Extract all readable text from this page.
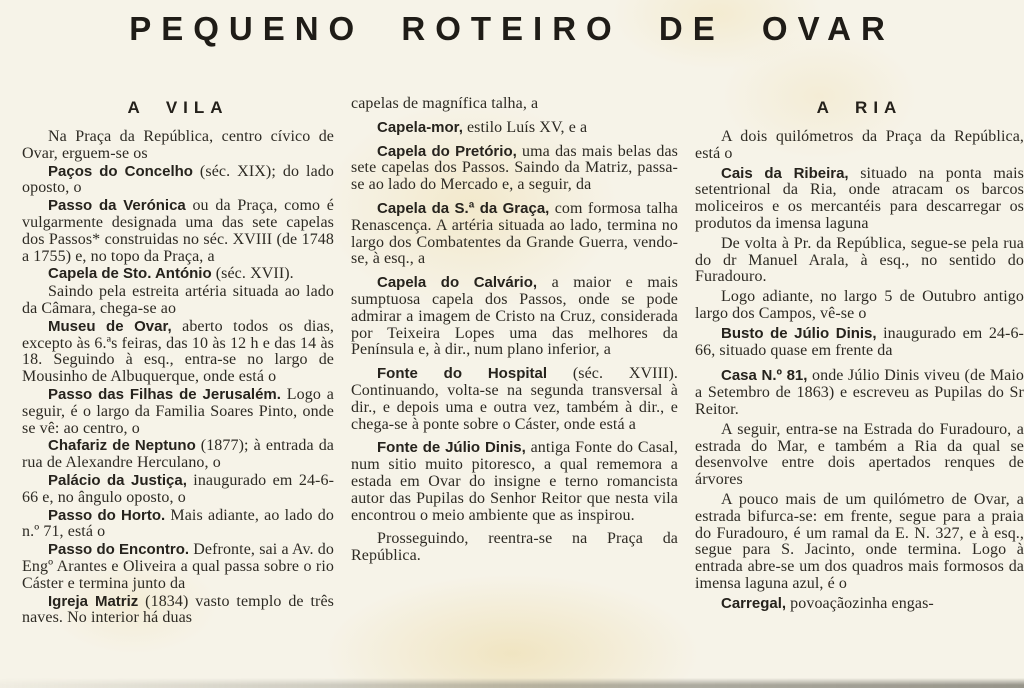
PEQUENO ROTEIRO DE OVAR
A VILA

Na Praça da República, centro cívico de Ovar, erguem-se os

Paços do Concelho (séc. XIX); do lado oposto, o

Passo da Verónica ou da Praça, como é vulgarmente designada uma das sete capelas dos Passos* construidas no séc. XVIII (de 1748 a 1755) e, no topo da Praça, a

Capela de Sto. António (séc. XVII).

Saindo pela estreita artéria situada ao lado da Câmara, chega-se ao

Museu de Ovar, aberto todos os dias, excepto às 6.ªs feiras, das 10 às 12 h e das 14 às 18. Seguindo à esq., entra-se no largo de Mousinho de Albuquerque, onde está o

Passo das Filhas de Jerusalém. Logo a seguir, é o largo da Familia Soares Pinto, onde se vê: ao centro, o

Chafariz de Neptuno (1877); à entrada da rua de Alexandre Herculano, o

Palácio da Justiça, inaugurado em 24-6-66 e, no ângulo oposto, o

Passo do Horto. Mais adiante, ao lado do n.º 71, está o

Passo do Encontro. Defronte, sai a Av. do Engº Arantes e Oliveira a qual passa sobre o rio Cáster e termina junto da

Igreja Matriz (1834) vasto templo de três naves. No interior há duas

capelas de magnífica talha, a

Capela-mor, estilo Luís XV, e a

Capela do Pretório, uma das mais belas das sete capelas dos Passos. Saindo da Matriz, passa-se ao lado do Mercado e, a seguir, da

Capela da S.ª da Graça, com formosa talha Renascença. A artéria situada ao lado, termina no largo dos Combatentes da Grande Guerra, vendo-se, à esq., a

Capela do Calvário, a maior e mais sumptuosa capela dos Passos, onde se pode admirar a imagem de Cristo na Cruz, considerada por Teixeira Lopes uma das melhores da Península e, à dir., num plano inferior, a

Fonte do Hospital (séc. XVIII). Continuando, volta-se na segunda transversal à dir., e depois uma e outra vez, também à dir., e chega-se à ponte sobre o Cáster, onde está a

Fonte de Júlio Dinis, antiga Fonte do Casal, num sitio muito pitoresco, a qual rememora a estada em Ovar do insigne e terno romancista autor das Pupilas do Senhor Reitor que nesta vila encontrou o meio ambiente que as inspirou.

Prosseguindo, reentra-se na Praça da República.

A RIA

A dois quilómetros da Praça da República, está o

Cais da Ribeira, situado na ponta mais setentrional da Ria, onde atracam os barcos moliceiros e os mercantéis para descarregar os produtos da imensa laguna

De volta à Pr. da República, segue-se pela rua do dr Manuel Arala, à esq., no sentido do Furadouro.

Logo adiante, no largo 5 de Outubro antigo largo dos Campos, vê-se o

Busto de Júlio Dinis, inaugurado em 24-6-66, situado quase em frente da

Casa N.º 81, onde Júlio Dinis viveu (de Maio a Setembro de 1863) e escreveu as Pupilas do Sr Reitor.

A seguir, entra-se na Estrada do Furadouro, a estrada do Mar, e também a Ria da qual se desenvolve entre dois apertados renques de árvores

A pouco mais de um quilómetro de Ovar, a estrada bifurca-se: em frente, segue para a praia do Furadouro, é um ramal da E. N. 327, e à esq., segue para S. Jacinto, onde termina. Logo à entrada abre-se um dos quadros mais formosos da imensa laguna azul, é o

Carregal, povoaçãozinha engas-
